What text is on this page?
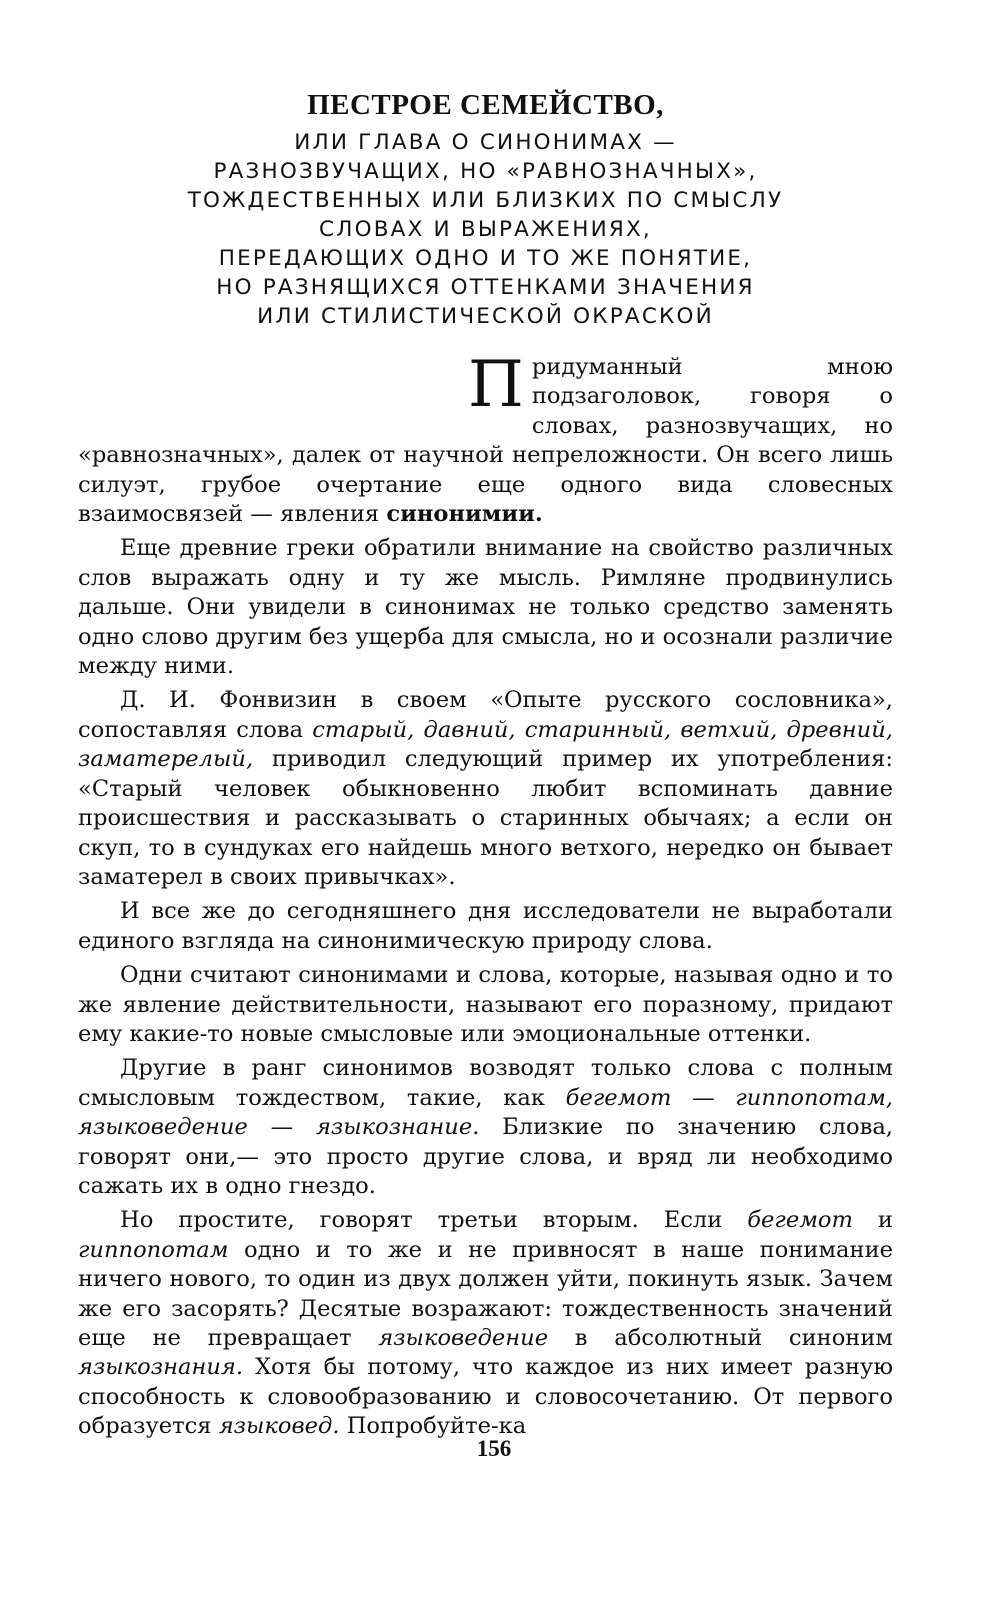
ПЕСТРОЕ СЕМЕЙСТВО,
ИЛИ ГЛАВА О СИНОНИМАХ —
РАЗНОЗВУЧАЩИХ, НО «РАВНОЗНАЧНЫХ»,
ТОЖДЕСТВЕННЫХ ИЛИ БЛИЗКИХ ПО СМЫСЛУ
СЛОВАХ И ВЫРАЖЕНИЯХ,
ПЕРЕДАЮЩИХ ОДНО И ТО ЖЕ ПОНЯТИЕ,
НО РАЗНЯЩИХСЯ ОТТЕНКАМИ ЗНАЧЕНИЯ
ИЛИ СТИЛИСТИЧЕСКОЙ ОКРАСКОЙ

Придуманный мною подзаголовок, говоря о словах, разнозвучащих, но «равнозначных», далек от научной непреложности. Он всего лишь силуэт, грубое очертание еще одного вида словесных взаимосвязей — явления синонимии.

Еще древние греки обратили внимание на свойство различных слов выражать одну и ту же мысль. Римляне продвинулись дальше. Они увидели в синонимах не только средство заменять одно слово другим без ущерба для смысла, но и осознали различие между ними.

Д. И. Фонвизин в своем «Опыте русского сословника», сопоставляя слова старый, давний, старинный, ветхий, древний, заматерелый, приводил следующий пример их употребления: «Старый человек обыкновенно любит вспоминать давние происшествия и рассказывать о старинных обычаях; а если он скуп, то в сундуках его найдешь много ветхого, нередко он бывает заматерел в своих привычках».

И все же до сегодняшнего дня исследователи не выработали единого взгляда на синонимическую природу слова.

Одни считают синонимами и слова, которые, называя одно и то же явление действительности, называют его поразному, придают ему какие-то новые смысловые или эмоциональные оттенки.

Другие в ранг синонимов возводят только слова с полным смысловым тождеством, такие, как бегемот — гиппопотам, языковедение — языкознание. Близкие по значению слова, говорят они,— это просто другие слова, и вряд ли необходимо сажать их в одно гнездо.

Но простите, говорят третьи вторым. Если бегемот и гиппопотам одно и то же и не привносят в наше понимание ничего нового, то один из двух должен уйти, покинуть язык. Зачем же его засорять? Десятые возражают: тождественность значений еще не превращает языковедение в абсолютный синоним языкознания. Хотя бы потому, что каждое из них имеет разную способность к словообразованию и словосочетанию. От первого образуется языковед. Попробуйте-ка

156
